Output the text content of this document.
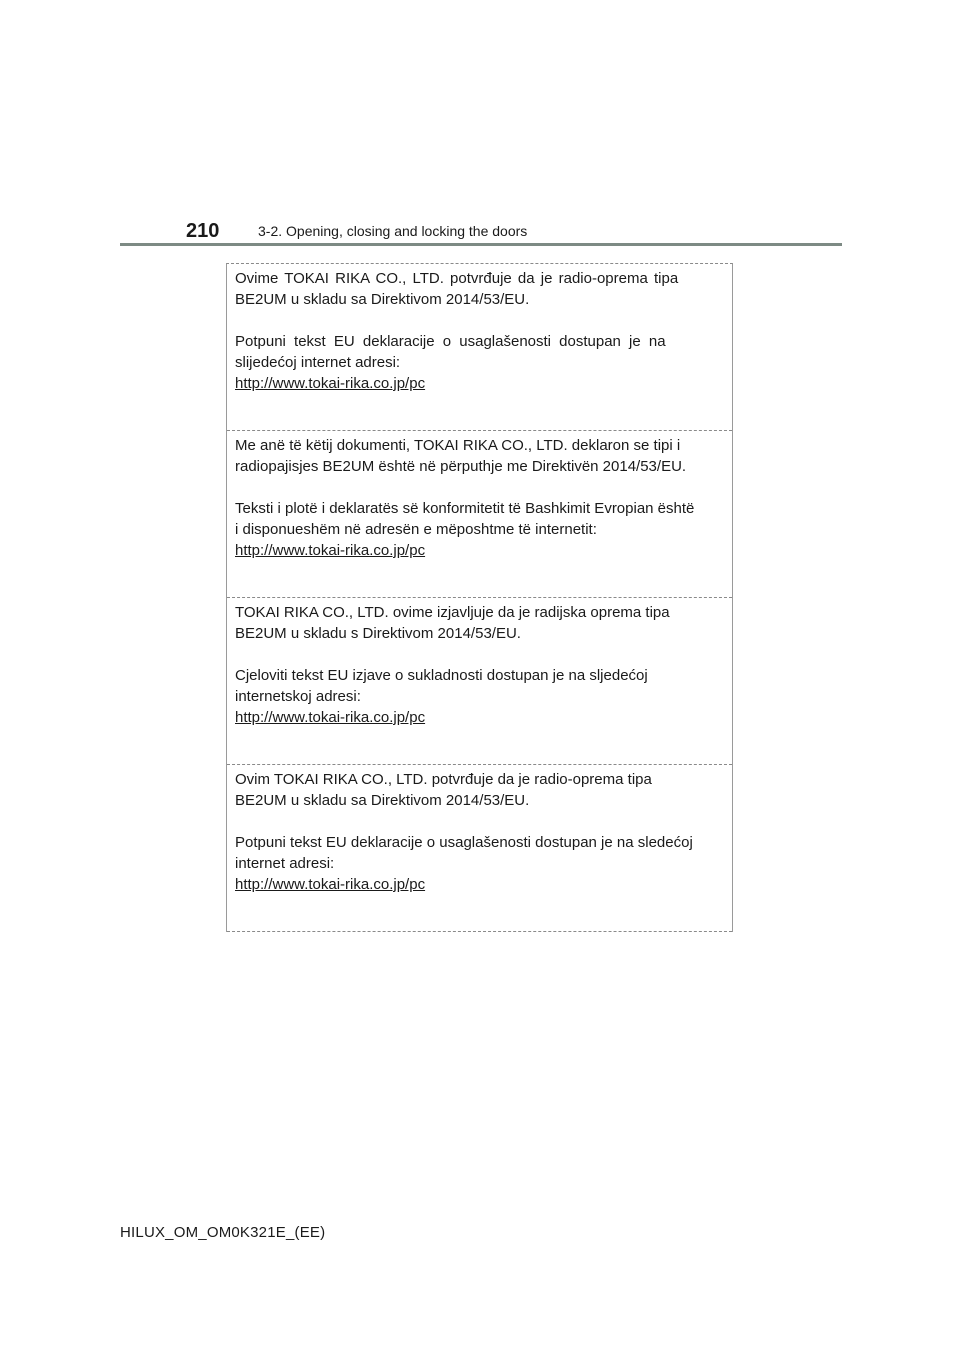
210	3-2. Opening, closing and locking the doors

Ovime TOKAI RIKA CO., LTD. potvrđuje da je radio-oprema tipa

BE2UM u skladu sa Direktivom 2014/53/EU.

Potpuni tekst EU deklaracije o usaglašenosti dostupan je na

slijedećoj internet adresi:

http://www.tokai-rika.co.jp/pc

Me anë të këtij dokumenti, TOKAI RIKA CO., LTD. deklaron se tipi i

radiopajisjes BE2UM është në përputhje me Direktivën 2014/53/EU.

Teksti i plotë i deklaratës së konformitetit të Bashkimit Evropian është

i disponueshëm në adresën e mëposhtme të internetit:

http://www.tokai-rika.co.jp/pc

TOKAI RIKA CO., LTD. ovime izjavljuje da je radijska oprema tipa

BE2UM u skladu s Direktivom 2014/53/EU.

Cjeloviti tekst EU izjave o sukladnosti dostupan je na sljedećoj

internetskoj adresi:

http://www.tokai-rika.co.jp/pc

Ovim TOKAI RIKA CO., LTD. potvrđuje da je radio-oprema tipa

BE2UM u skladu sa Direktivom 2014/53/EU.

Potpuni tekst EU deklaracije o usaglašenosti dostupan je na sledećoj

internet adresi:

http://www.tokai-rika.co.jp/pc

HILUX_OM_OM0K321E_(EE)
